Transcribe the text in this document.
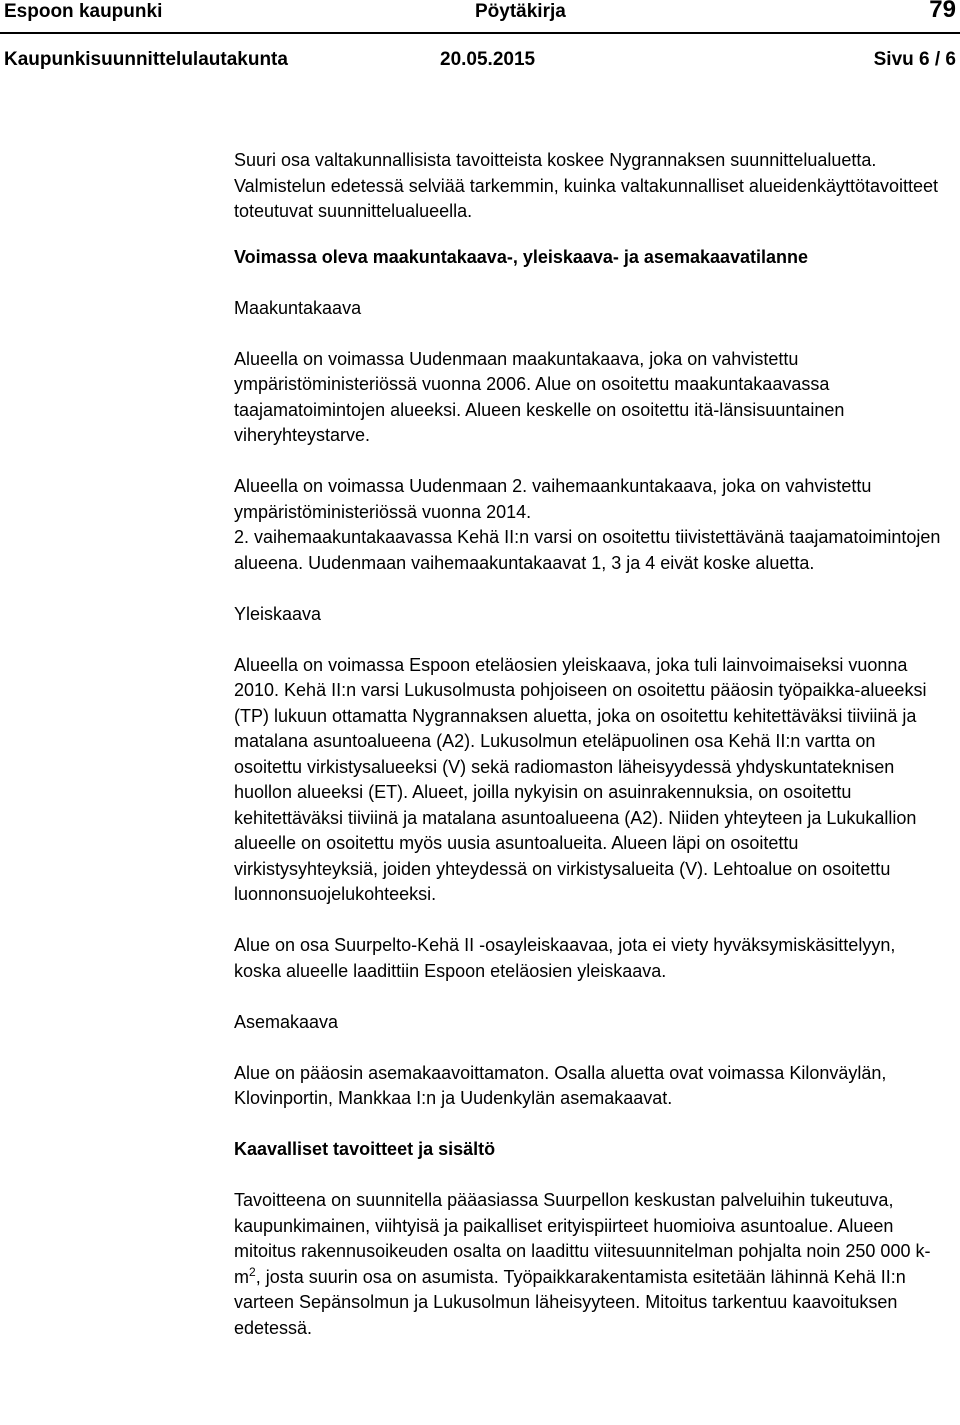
Espoon kaupunki	Pöytäkirja	79
Kaupunkisuunnittelulautakunta	20.05.2015	Sivu 6 / 6

Suuri osa valtakunnallisista tavoitteista koskee Nygrannaksen suunnittelualuetta. Valmistelun edetessä selviää tarkemmin, kuinka valtakunnalliset alueidenkäyttötavoitteet toteutuvat suunnittelualueella.

Voimassa oleva maakuntakaava-, yleiskaava- ja asemakaavatilanne

Maakuntakaava

Alueella on voimassa Uudenmaan maakuntakaava, joka on vahvistettu ympäristöministeriössä vuonna 2006. Alue on osoitettu maakuntakaavassa taajamatoimintojen alueeksi. Alueen keskelle on osoitettu itä-länsisuuntainen viheryhteystarve.

Alueella on voimassa Uudenmaan 2. vaihemaankuntakaava, joka on vahvistettu ympäristöministeriössä vuonna 2014.

2. vaihemaakuntakaavassa Kehä II:n varsi on osoitettu tiivistettävänä taajamatoimintojen alueena. Uudenmaan vaihemaakuntakaavat 1, 3 ja 4 eivät koske aluetta.

Yleiskaava

Alueella on voimassa Espoon eteläosien yleiskaava, joka tuli lainvoimaiseksi vuonna 2010. Kehä II:n varsi Lukusolmusta pohjoiseen on osoitettu pääosin työpaikka-alueeksi (TP) lukuun ottamatta Nygrannaksen aluetta, joka on osoitettu kehitettäväksi tiiviinä ja matalana asuntoalueena (A2). Lukusolmun eteläpuolinen osa Kehä II:n vartta on osoitettu virkistysalueeksi (V) sekä radiomaston läheisyydessä yhdyskuntateknisen huollon alueeksi (ET). Alueet, joilla nykyisin on asuinrakennuksia, on osoitettu kehitettäväksi tiiviinä ja matalana asuntoalueena (A2). Niiden yhteyteen ja Lukukallion alueelle on osoitettu myös uusia asuntoalueita. Alueen läpi on osoitettu virkistysyhteyksiä, joiden yhteydessä on virkistysalueita (V). Lehtoalue on osoitettu luonnonsuojelukohteeksi.

Alue on osa Suurpelto-Kehä II -osayleiskaavaa, jota ei viety hyväksymiskäsittelyyn, koska alueelle laadittiin Espoon eteläosien yleiskaava.

Asemakaava

Alue on pääosin asemakaavoittamaton. Osalla aluetta ovat voimassa Kilonväylän, Klovinportin, Mankkaa I:n ja Uudenkylän asemakaavat.

Kaavalliset tavoitteet ja sisältö

Tavoitteena on suunnitella pääasiassa Suurpellon keskustan palveluihin tukeutuva, kaupunkimainen, viihtyisä ja paikalliset erityispiirteet huomioiva asuntoalue. Alueen mitoitus rakennusoikeuden osalta on laadittu viitesuunnitelman pohjalta noin 250 000 $k-m^2$, josta suurin osa on asumista. Työpaikkarakentamista esitetään lähinnä Kehä II:n varteen Sepänsolmun ja Lukusolmun läheisyyteen. Mitoitus tarkentuu kaavoituksen edetessä.
